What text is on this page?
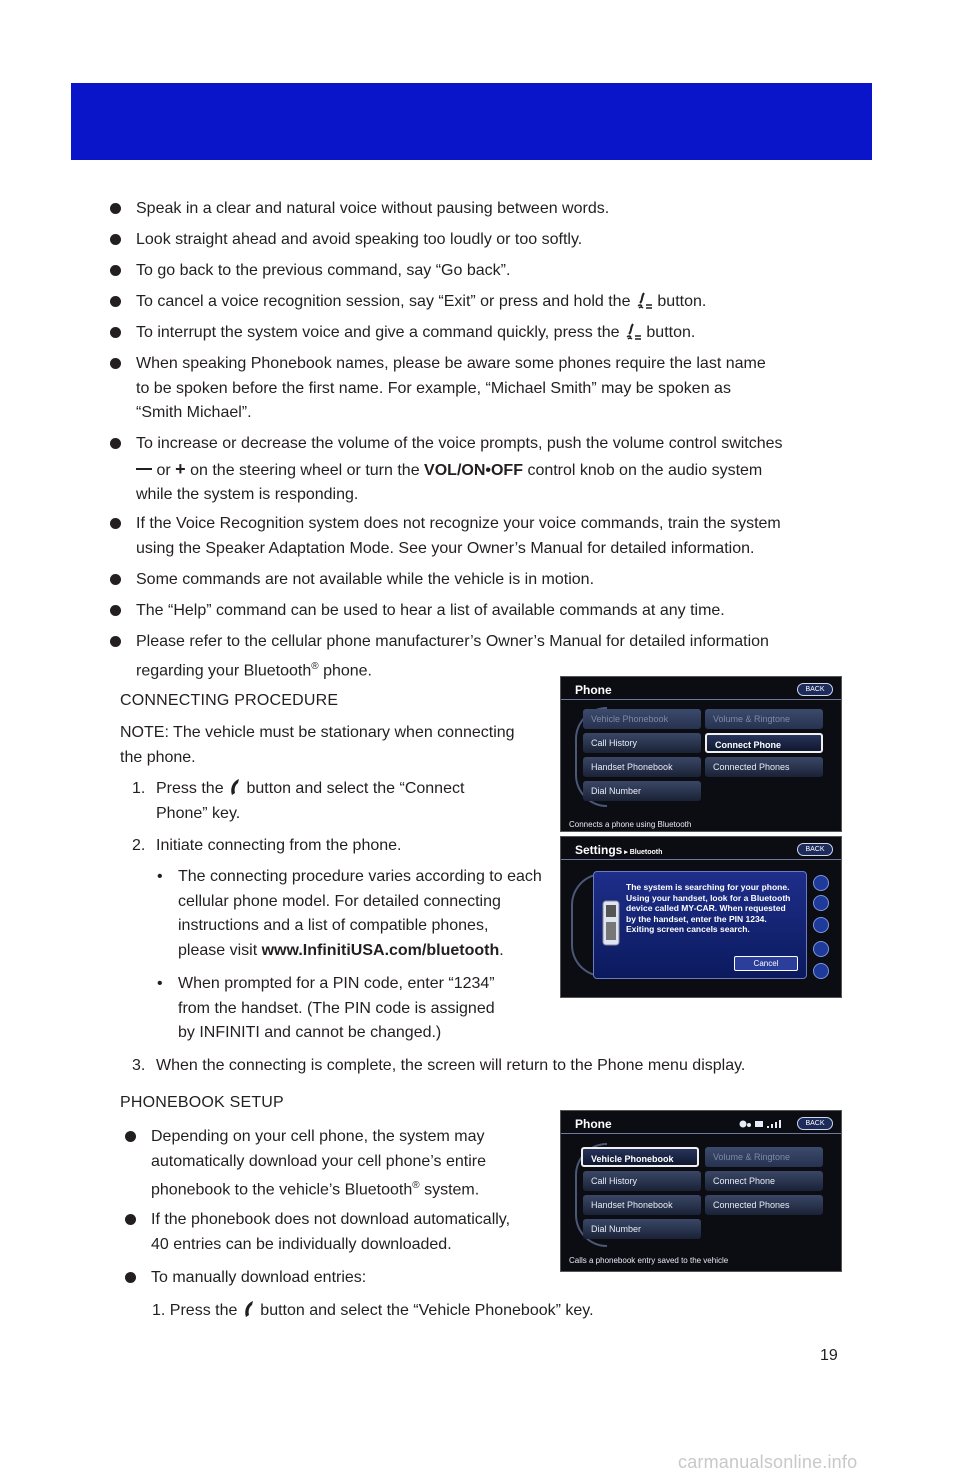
Speak in a clear and natural voice without pausing between words.
Look straight ahead and avoid speaking too loudly or too softly.
To go back to the previous command, say “Go back”.
To cancel a voice recognition session, say “Exit” or press and hold the button.
To interrupt the system voice and give a command quickly, press the button.
When speaking Phonebook names, please be aware some phones require the last name
to be spoken before the first name. For example, “Michael Smith” may be spoken as
“Smith Michael”.
To increase or decrease the volume of the voice prompts, push the volume control switches
or + on the steering wheel or turn the VOL/ON•OFF control knob on the audio system
while the system is responding.
If the Voice Recognition system does not recognize your voice commands, train the system
using the Speaker Adaptation Mode. See your Owner’s Manual for detailed information.
Some commands are not available while the vehicle is in motion.
The “Help” command can be used to hear a list of available commands at any time.
Please refer to the cellular phone manufacturer’s Owner’s Manual for detailed information
regarding your Bluetooth® phone.
CONNECTING PROCEDURE
NOTE: The vehicle must be stationary when connecting
the phone.
1. Press the button and select the “Connect
Phone” key.
2. Initiate connecting from the phone.
• The connecting procedure varies according to each
cellular phone model. For detailed connecting
instructions and a list of compatible phones,
please visit www.InfinitiUSA.com/bluetooth.
• When prompted for a PIN code, enter “1234”
from the handset. (The PIN code is assigned
by INFINITI and cannot be changed.)
3. When the connecting is complete, the screen will return to the Phone menu display.
PHONEBOOK SETUP
Depending on your cell phone, the system may
automatically download your cell phone’s entire
phonebook to the vehicle’s Bluetooth® system.
If the phonebook does not download automatically,
40 entries can be individually downloaded.
To manually download entries:
1. Press the button and select the “Vehicle Phonebook” key.
Phone	BACK
Vehicle Phonebook	Volume & Ringtone
Call History	Connect Phone
Handset Phonebook	Connected Phones
Dial Number
Connects a phone using Bluetooth
Settings ▸ Bluetooth	BACK
The system is searching for your phone. Using your handset, look for a Bluetooth device called MY-CAR. When requested by the handset, enter the PIN 1234. Exiting screen cancels search.
Cancel
Phone	BACK
Vehicle Phonebook	Volume & Ringtone
Call History	Connect Phone
Handset Phonebook	Connected Phones
Dial Number
Calls a phonebook entry saved to the vehicle
19
carmanualsonline.info
